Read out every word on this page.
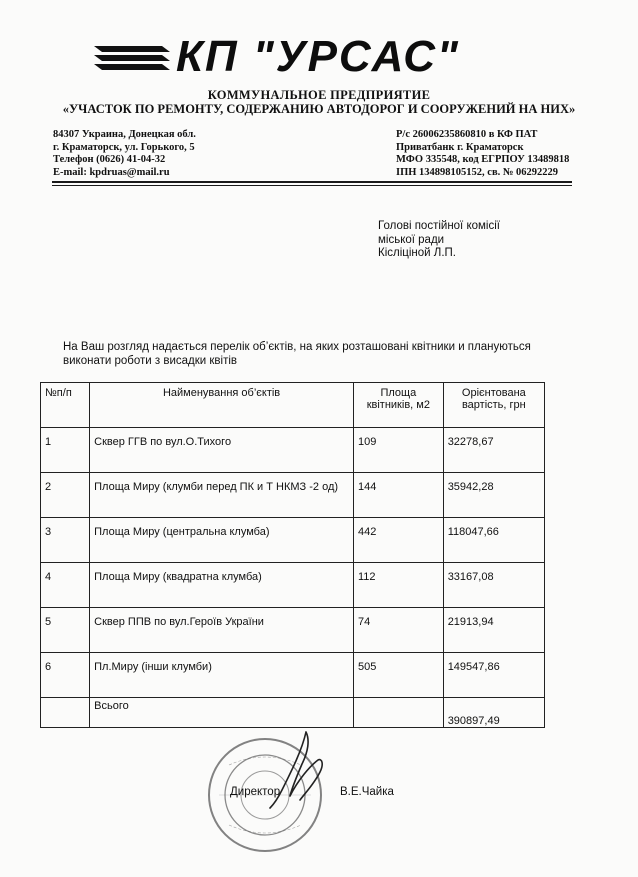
КП "УРСАС"
КОММУНАЛЬНОЕ ПРЕДПРИЯТИЕ
«УЧАСТОК ПО РЕМОНТУ, СОДЕРЖАНИЮ АВТОДОРОГ И СООРУЖЕНИЙ НА НИХ»
84307 Украина, Донецкая обл.
г. Краматорск, ул. Горького, 5
Телефон (0626) 41-04-32
E-mail: kpdruas@mail.ru
Р/с 26006235860810 в КФ ПАТ
Приватбанк г. Краматорск
МФО 335548, код ЕГРПОУ 13489818
ІПН 134898105152, св. № 06292229
Голові постійної комісії
міської ради
Кісліціной Л.П.
На Ваш розгляд надається перелік об’єктів, на яких розташовані квітники и плануються виконати роботи з висадки квітів
№п/п	Найменування об’єктів	Площа квітників, м2	Орієнтована вартість, грн
1	Сквер ГГВ по вул.О.Тихого	109	32278,67
2	Площа Миру (клумби перед ПК и Т НКМЗ -2 од)	144	35942,28
3	Площа Миру (центральна клумба)	442	118047,66
4	Площа Миру (квадратна клумба)	112	33167,08
5	Сквер ППВ по вул.Героїв України	74	21913,94
6	Пл.Миру (інши клумби)	505	149547,86
	Всього		390897,49
Директор	В.Е.Чайка
